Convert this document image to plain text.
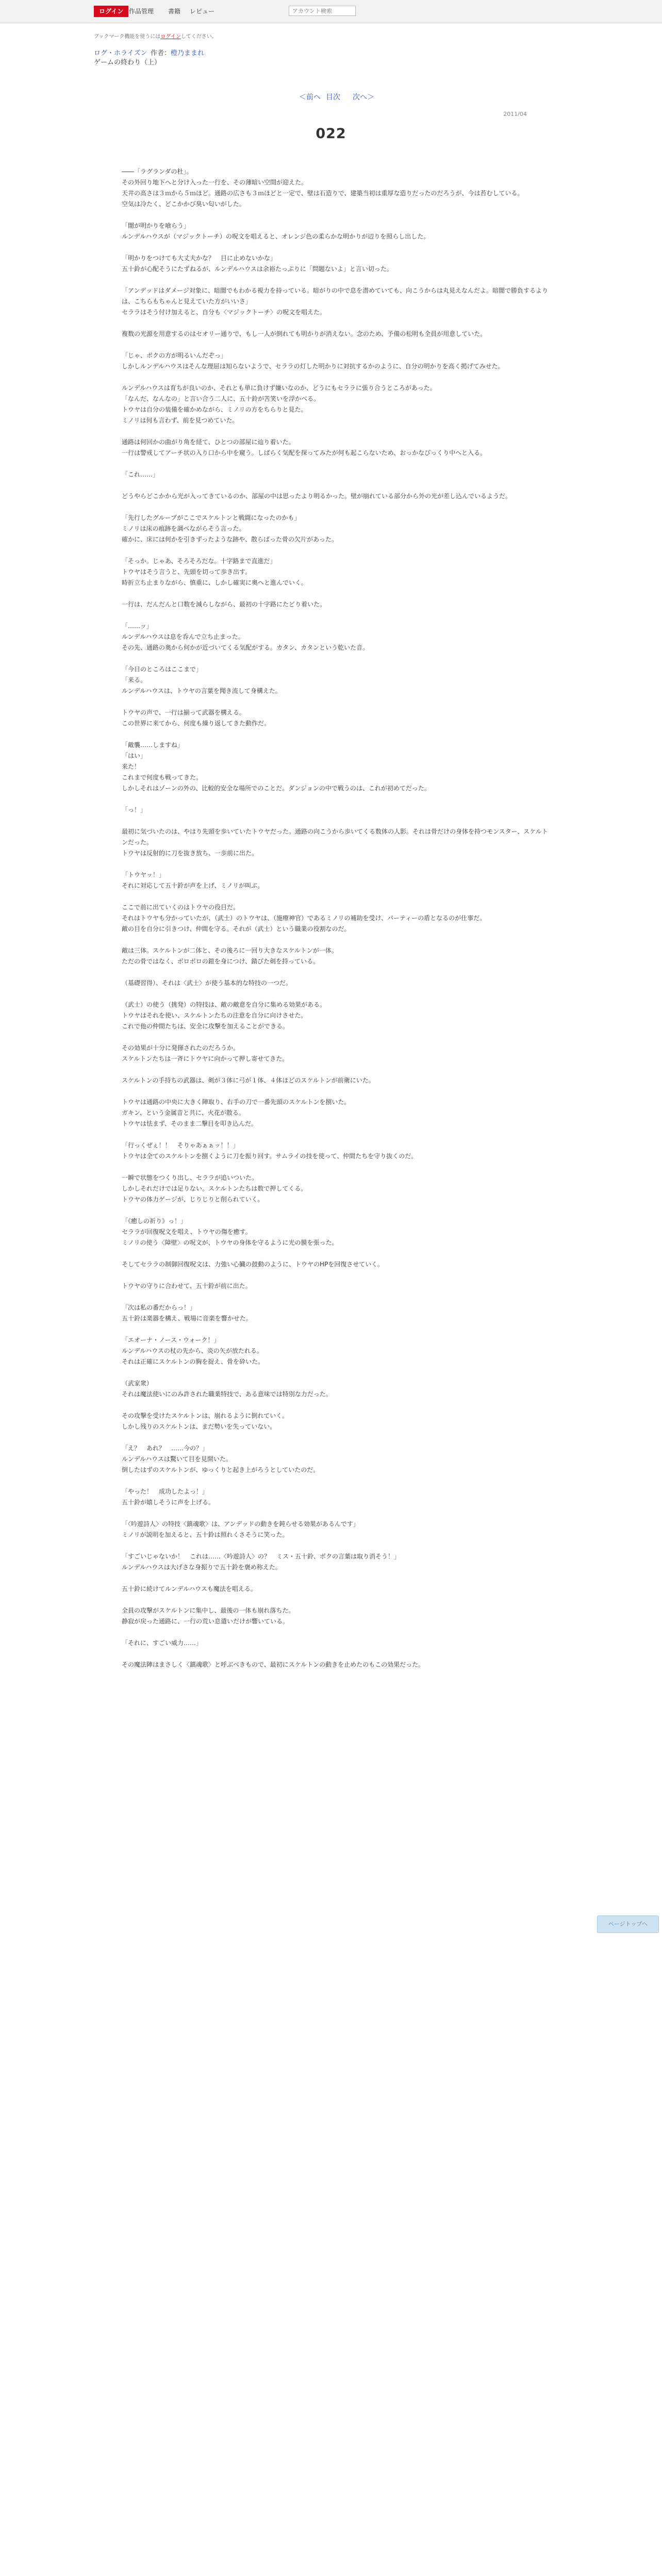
ログイン 作品管理 書籍 レビュー
アカウント検索
ブックマーク機能を使うにはログインしてください。
ログ・ホライズン 作者：橙乃ままれ
ゲームの終わり（上）
＜前へ 目次 次へ＞
2011/04
022

――「ラグランダの杜」。

その外回り地下へと分け入った一行を、その薄暗い空間が迎えた。

天井の高さは３ｍから５ｍほど。通路の広さも３ｍほどと一定で、壁は石造りで、建築当初は重厚な造りだったのだろうが、今は苔むしている。

空気は冷たく、どこかかび臭い匂いがした。

「闇が明かりを喰らう」

ルンデルハウスが（マジックトーチ）の呪文を唱えると、オレンジ色の柔らかな明かりが辺りを照らし出した。

「明かりをつけても大丈夫かな？　目に止めないかな」

五十鈴が心配そうにたずねるが、ルンデルハウスは余裕たっぷりに「問題ないよ」と言い切った。

「アンデッドはダメージ対象に、暗闇でもわかる視力を持っている。暗がりの中で息を潜めていても、向こうからは丸見えなんだよ。暗闇で勝負するよりは、こちらもちゃんと見えていた方がいいさ」

セララはそう付け加えると、自分も〈マジックトーチ〉の呪文を唱えた。

複数の光源を用意するのはセオリー通りで、もし一人が倒れても明かりが消えない。念のため、予備の松明も全員が用意していた。

「じゃ、ボクの方が明るいんだぞっ」

しかしルンデルハウスはそんな理屈は知らないようで、セララの灯した明かりに対抗するかのように、自分の明かりを高く掲げてみせた。

ルンデルハウスは育ちが良いのか、それとも単に負けず嫌いなのか、どうにもセララに張り合うところがあった。

「なんだ、なんなの」と言い合う二人に、五十鈴が苦笑いを浮かべる。

トウヤは自分の装備を確かめながら、ミノリの方をちらりと見た。

ミノリは何も言わず、前を見つめていた。

通路は何回かの曲がり角を経て、ひとつの部屋に辿り着いた。

一行は警戒してアーチ状の入り口から中を窺う。しばらく気配を探ってみたが何も起こらないため、おっかなびっくり中へと入る。

「これ……」

どうやらどこかから光が入ってきているのか、部屋の中は思ったより明るかった。壁が崩れている部分から外の光が差し込んでいるようだ。

「先行したグループがここでスケルトンと戦闘になったのかも」

ミノリは床の痕跡を調べながらそう言った。

確かに、床には何かを引きずったような跡や、散らばった骨の欠片があった。

「そっか。じゃあ、そろそろだな。十字路まで直進だ」

トウヤはそう言うと、先頭を切って歩き出す。

時折立ち止まりながら、慎重に、しかし確実に奥へと進んでいく。

一行は、だんだんと口数を減らしながら、最初の十字路にたどり着いた。

「……ッ」

ルンデルハウスは息を呑んで立ち止まった。

その先、通路の奥から何かが近づいてくる気配がする。カタン、カタンという乾いた音。

「今日のところはここまで」

「来る。

ルンデルハウスは、トウヤの言葉を聞き流して身構えた。

トウヤの声で、一行は揃って武器を構える。

この世界に来てから、何度も繰り返してきた動作だ。

「敵襲……しますね」

「はい」

来た！

これまで何度も戦ってきた。

しかしそれはゾーンの外の、比較的安全な場所でのことだ。ダンジョンの中で戦うのは、これが初めてだった。

「っ！」

最初に気づいたのは、やはり先頭を歩いていたトウヤだった。通路の向こうから歩いてくる数体の人影。それは骨だけの身体を持つモンスター、スケルトンだった。

トウヤは反射的に刀を抜き放ち、一歩前に出た。

「トウヤッ！」

それに対応して五十鈴が声を上げ、ミノリが叫ぶ。

ここで前に出ていくのはトウヤの役目だ。

それはトウヤも分かっていたが、（武士）のトウヤは、（施療神官）であるミノリの補助を受け、パーティーの盾となるのが仕事だ。

敵の目を自分に引きつけ、仲間を守る。それが（武士）という職業の役割なのだ。

敵は三体。スケルトンが二体と、その後ろに一回り大きなスケルトンが一体。

ただの骨ではなく、ボロボロの鎧を身につけ、錆びた剣を持っている。

（基礎習得）、それは〈武士〉が使う基本的な特技の一つだ。

（武士）の使う（挑発）の特技は、敵の敵意を自分に集める効果がある。

トウヤはそれを使い、スケルトンたちの注意を自分に向けさせた。

これで他の仲間たちは、安全に攻撃を加えることができる。

その効果が十分に発揮されたのだろうか。

スケルトンたちは一斉にトウヤに向かって押し寄せてきた。

スケルトンの手持ちの武器は、剣が３体に弓が１体、４体ほどのスケルトンが前衛にいた。

トウヤは通路の中央に大きく陣取り、右手の刀で一番先頭のスケルトンを捌いた。

ガキン、という金属音と共に、火花が散る。

トウヤは怯まず、そのまま二撃目を叩き込んだ。

「行っくぜぇ！！　そりゃあぁぁッ！！」

トウヤは全てのスケルトンを捌くように刀を振り回す。サムライの技を使って、仲間たちを守り抜くのだ。

一瞬で状態をつくり出し、セララが追いついた。

しかしそれだけでは足りない。スケルトンたちは数で押してくる。

トウヤの体力ゲージが、じりじりと削られていく。

「《癒しの祈り》っ！」

セララが回復呪文を唱え、トウヤの傷を癒す。

ミノリの使う〈障壁〉の呪文が、トウヤの身体を守るように光の膜を張った。

そしてセララの制御回復呪文は、力強い心臓の鼓動のように、トウヤのHPを回復させていく。

トウヤの守りに合わせて、五十鈴が前に出た。

「次は私の番だからっ！」

五十鈴は楽器を構え、戦場に音楽を響かせた。

「エオーナ・ノース・ウォーク！」

ルンデルハウスの杖の先から、炎の矢が放たれる。

それは正確にスケルトンの胸を捉え、骨を砕いた。

（武家衆）

それは魔法使いにのみ許された職業特技で、ある意味では特別な力だった。

その攻撃を受けたスケルトンは、崩れるように倒れていく。

しかし残りのスケルトンは、まだ勢いを失っていない。

「え？　あれ？　……今の？」

ルンデルハウスは驚いて目を見開いた。

倒したはずのスケルトンが、ゆっくりと起き上がろうとしていたのだ。

「やった！　成功したよっ！」

五十鈴が嬉しそうに声を上げる。

「〈吟遊詩人〉の特技〈鎮魂歌〉は、アンデッドの動きを鈍らせる効果があるんです」

ミノリが説明を加えると、五十鈴は照れくさそうに笑った。

「すごいじゃないか！　これは……〈吟遊詩人〉の？　ミス・五十鈴、ボクの言葉は取り消そう！」

ルンデルハウスは大げさな身振りで五十鈴を褒め称えた。

五十鈴に続けてルンデルハウスも魔法を唱える。

全員の攻撃がスケルトンに集中し、最後の一体も崩れ落ちた。

静寂が戻った通路に、一行の荒い息遣いだけが響いている。

「それに、すごい威力……」

その魔法陣はまさしく〈鎮魂歌〉と呼ぶべきもので、最初にスケルトンの動きを止めたのもこの効果だった。

ページトップへ
